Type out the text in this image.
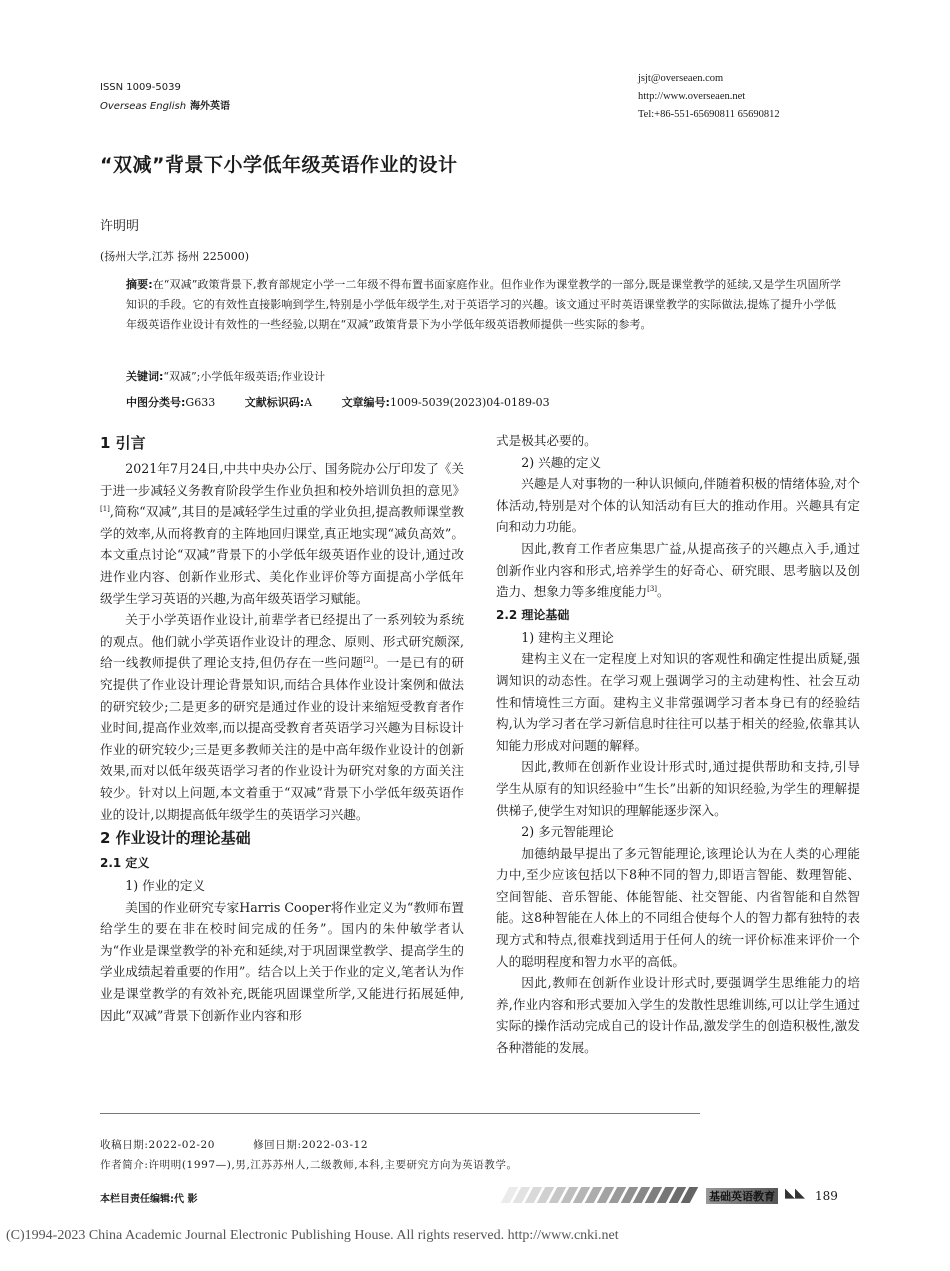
ISSN 1009-5039
Overseas English 海外英语
jsjt@overseaen.com
http://www.overseaen.net
Tel:+86-551-65690811 65690812
“双减”背景下小学低年级英语作业的设计
许明明
(扬州大学,江苏 扬州 225000)
摘要:在“双减”政策背景下,教育部规定小学一二年级不得布置书面家庭作业。但作业作为课堂教学的一部分,既是课堂教学的延续,又是学生巩固所学知识的手段。它的有效性直接影响到学生,特别是小学低年级学生,对于英语学习的兴趣。该文通过平时英语课堂教学的实际做法,提炼了提升小学低年级英语作业设计有效性的一些经验,以期在“双减”政策背景下为小学低年级英语教师提供一些实际的参考。
关键词:“双减”;小学低年级英语;作业设计
中图分类号:G633	文献标识码:A	文章编号:1009-5039(2023)04-0189-03
1 引言

2021年7月24日,中共中央办公厅、国务院办公厅印发了《关于进一步减轻义务教育阶段学生作业负担和校外培训负担的意见》[1],简称“双减”,其目的是减轻学生过重的学业负担,提高教师课堂教学的效率,从而将教育的主阵地回归课堂,真正地实现“减负高效”。本文重点讨论“双减”背景下的小学低年级英语作业的设计,通过改进作业内容、创新作业形式、美化作业评价等方面提高小学低年级学生学习英语的兴趣,为高年级英语学习赋能。

关于小学英语作业设计,前辈学者已经提出了一系列较为系统的观点。他们就小学英语作业设计的理念、原则、形式研究颇深,给一线教师提供了理论支持,但仍存在一些问题[2]。一是已有的研究提供了作业设计理论背景知识,而结合具体作业设计案例和做法的研究较少;二是更多的研究是通过作业的设计来缩短受教育者作业时间,提高作业效率,而以提高受教育者英语学习兴趣为目标设计作业的研究较少;三是更多教师关注的是中高年级作业设计的创新效果,而对以低年级英语学习者的作业设计为研究对象的方面关注较少。针对以上问题,本文着重于“双减”背景下小学低年级英语作业的设计,以期提高低年级学生的英语学习兴趣。

2 作业设计的理论基础
2.1 定义

1) 作业的定义

美国的作业研究专家Harris Cooper将作业定义为“教师布置给学生的要在非在校时间完成的任务”。国内的朱仲敏学者认为“作业是课堂教学的补充和延续,对于巩固课堂教学、提高学生的学业成绩起着重要的作用”。结合以上关于作业的定义,笔者认为作业是课堂教学的有效补充,既能巩固课堂所学,又能进行拓展延伸,因此“双减”背景下创新作业内容和形

式是极其必要的。

2) 兴趣的定义

兴趣是人对事物的一种认识倾向,伴随着积极的情绪体验,对个体活动,特别是对个体的认知活动有巨大的推动作用。兴趣具有定向和动力功能。

因此,教育工作者应集思广益,从提高孩子的兴趣点入手,通过创新作业内容和形式,培养学生的好奇心、研究眼、思考脑以及创造力、想象力等多维度能力[3]。

2.2 理论基础

1) 建构主义理论

建构主义在一定程度上对知识的客观性和确定性提出质疑,强调知识的动态性。在学习观上强调学习的主动建构性、社会互动性和情境性三方面。建构主义非常强调学习者本身已有的经验结构,认为学习者在学习新信息时往往可以基于相关的经验,依靠其认知能力形成对问题的解释。

因此,教师在创新作业设计形式时,通过提供帮助和支持,引导学生从原有的知识经验中“生长”出新的知识经验,为学生的理解提供梯子,使学生对知识的理解能逐步深入。

2) 多元智能理论

加德纳最早提出了多元智能理论,该理论认为在人类的心理能力中,至少应该包括以下8种不同的智力,即语言智能、数理智能、空间智能、音乐智能、体能智能、社交智能、内省智能和自然智能。这8种智能在人体上的不同组合使每个人的智力都有独特的表现方式和特点,很难找到适用于任何人的统一评价标准来评价一个人的聪明程度和智力水平的高低。

因此,教师在创新作业设计形式时,要强调学生思维能力的培养,作业内容和形式要加入学生的发散性思维训练,可以让学生通过实际的操作活动完成自己的设计作品,激发学生的创造积极性,激发各种潜能的发展。

收稿日期:2022-02-20	修回日期:2022-03-12
作者简介:许明明(1997—),男,江苏苏州人,二级教师,本科,主要研究方向为英语教学。
本栏目责任编辑:代 影	基础英语教育 ◣◣ 189
(C)1994-2023 China Academic Journal Electronic Publishing House. All rights reserved. http://www.cnki.net
